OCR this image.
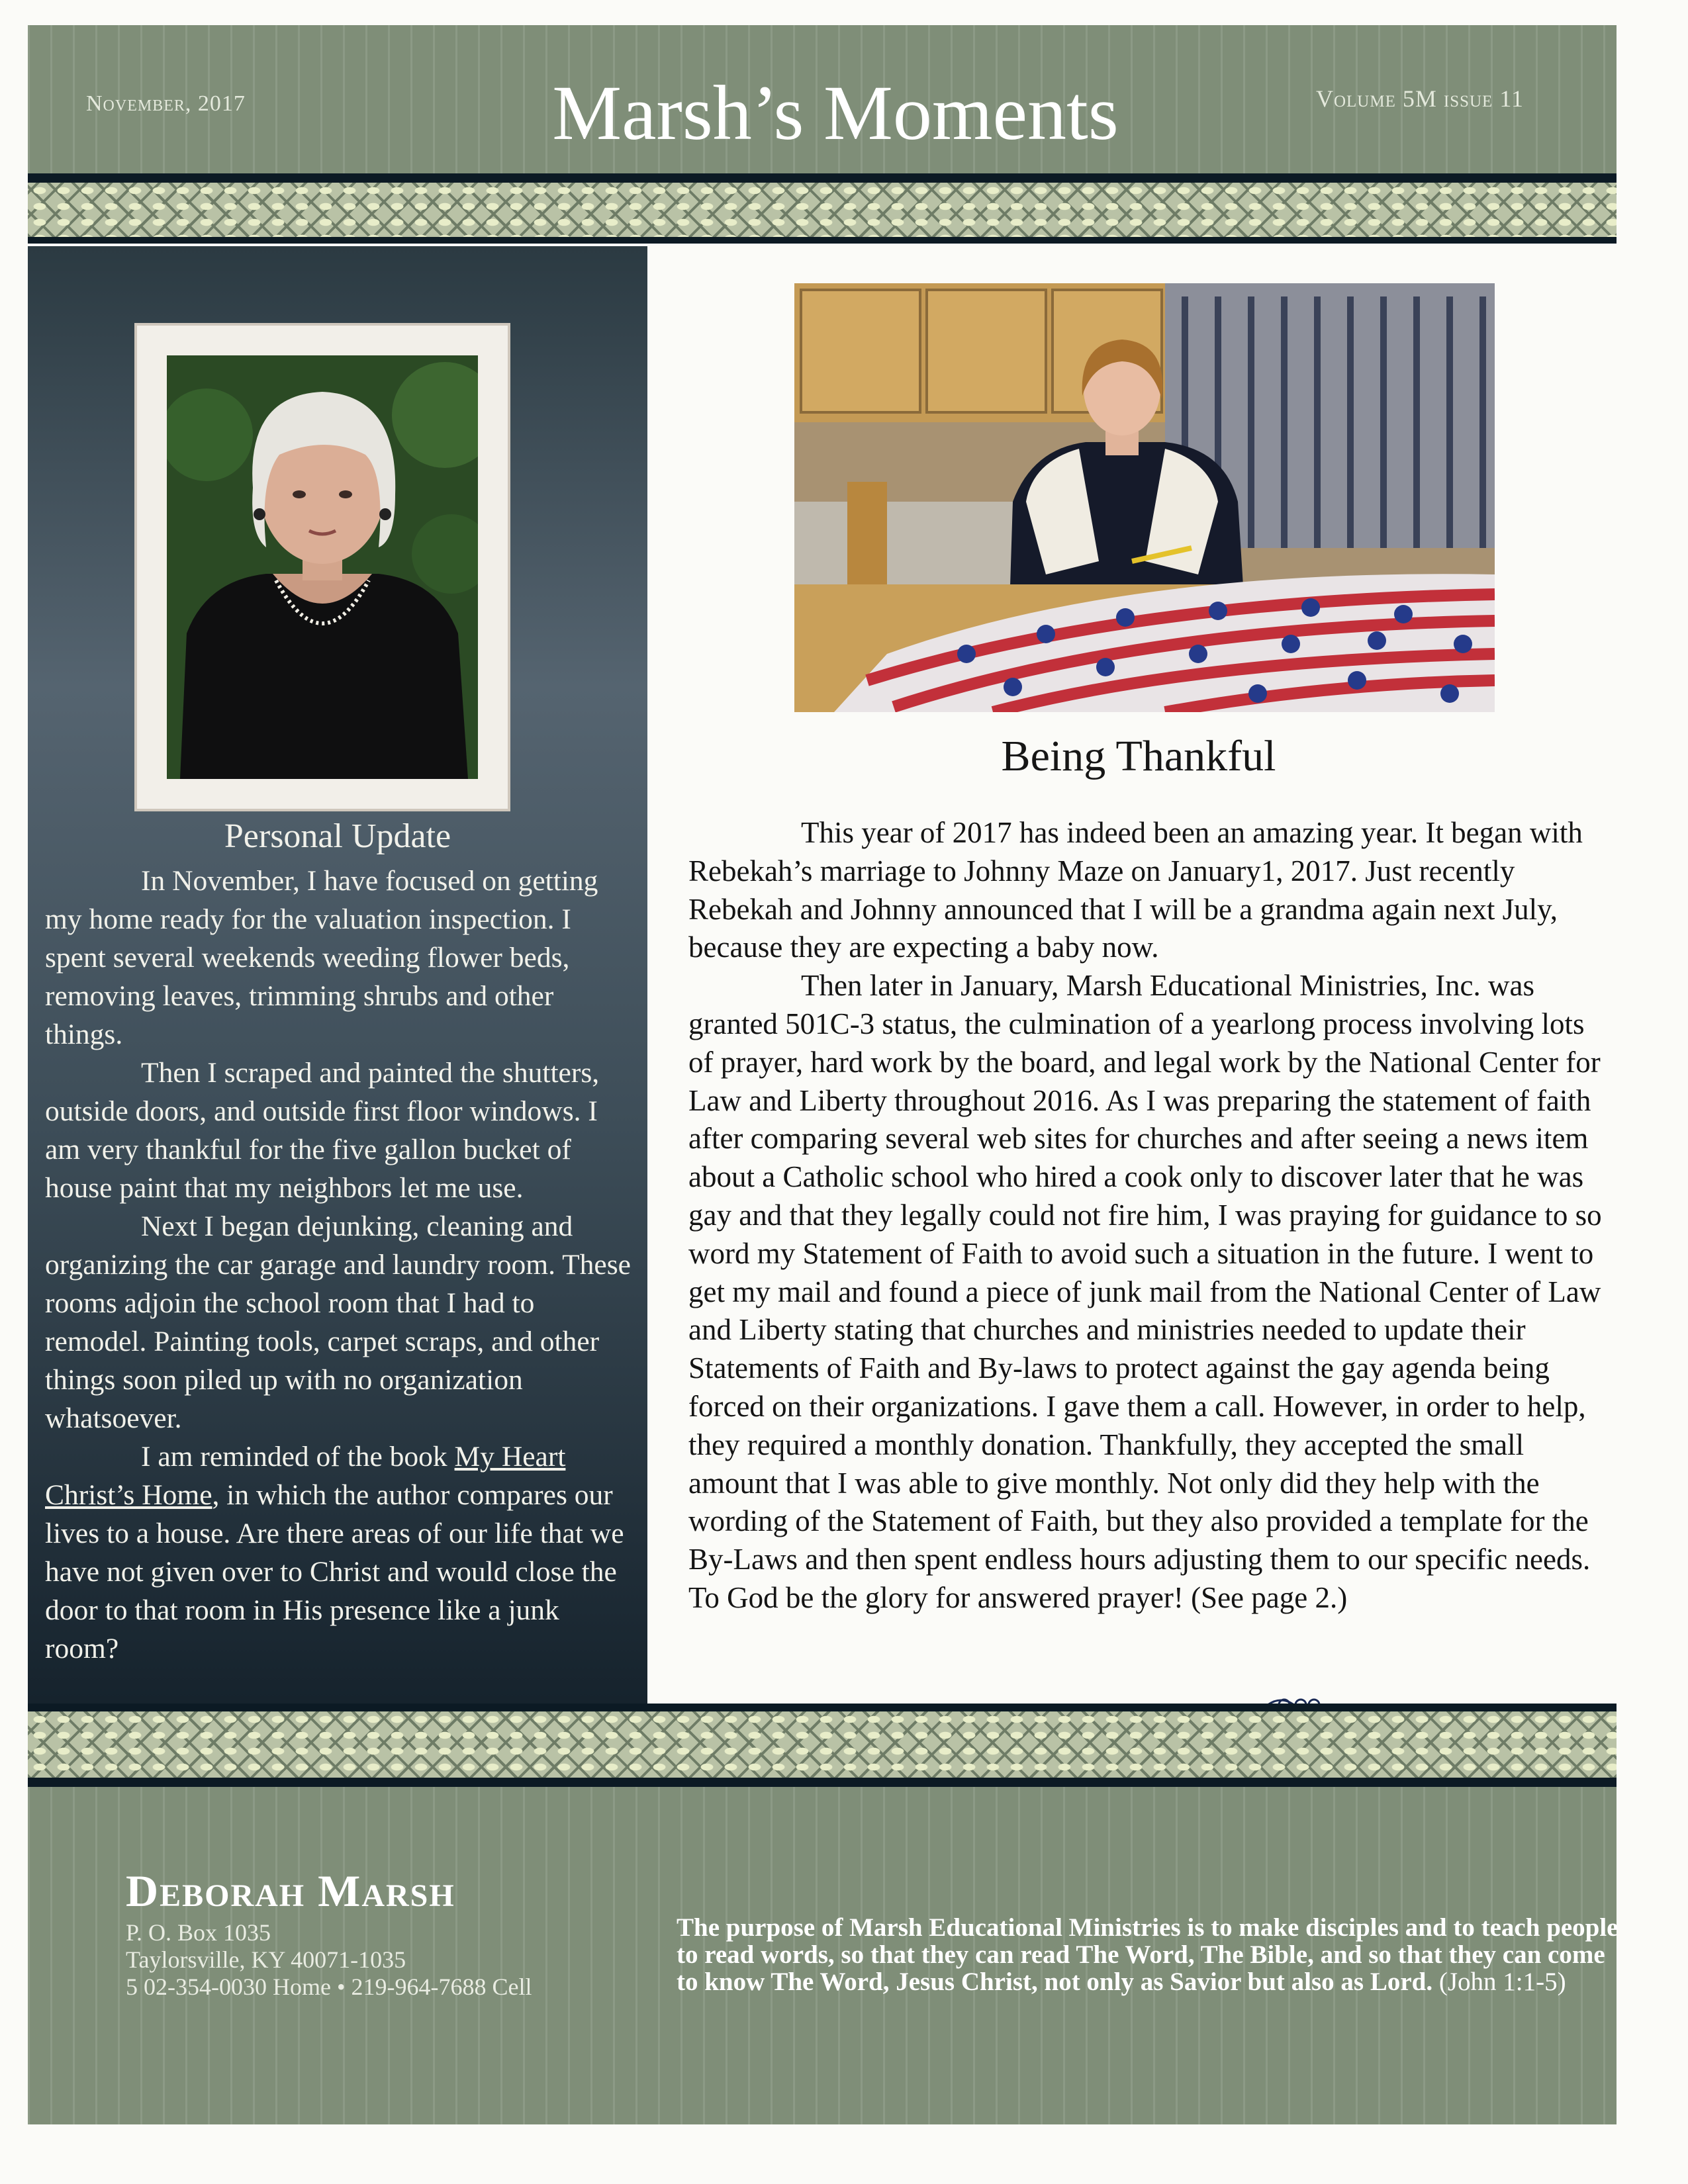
November, 2017	Marsh’s Moments	Volume 5M issue 11
Personal Update

In November, I have focused on getting my home ready for the valuation inspection. I spent several weekends weeding flower beds, removing leaves, trimming shrubs and other things.

Then I scraped and painted the shutters, outside doors, and outside first floor windows. I am very thankful for the five gallon bucket of house paint that my neighbors let me use.

Next I began dejunking, cleaning and organizing the car garage and laundry room. These rooms adjoin the school room that I had to remodel. Painting tools, carpet scraps, and other things soon piled up with no organization whatsoever.

I am reminded of the book My Heart Christ’s Home, in which the author compares our lives to a house. Are there areas of our life that we have not given over to Christ and would close the door to that room in His presence like a junk room?

Being Thankful

This year of 2017 has indeed been an amazing year. It began with Rebekah’s marriage to Johnny Maze on January1, 2017. Just recently Rebekah and Johnny announced that I will be a grandma again next July, because they are expecting a baby now.

Then later in January, Marsh Educational Ministries, Inc. was granted 501C-3 status, the culmination of a yearlong process involving lots of prayer, hard work by the board, and legal work by the National Center for Law and Liberty throughout 2016. As I was preparing the statement of faith after comparing several web sites for churches and after seeing a news item about a Catholic school who hired a cook only to discover later that he was gay and that they legally could not fire him, I was praying for guidance to so word my Statement of Faith to avoid such a situation in the future. I went to get my mail and found a piece of junk mail from the National Center of Law and Liberty stating that churches and ministries needed to update their Statements of Faith and By-laws to protect against the gay agenda being forced on their organizations. I gave them a call. However, in order to help, they required a monthly donation. Thankfully, they accepted the small amount that I was able to give monthly. Not only did they help with the wording of the Statement of Faith, but they also provided a template for the By-Laws and then spent endless hours adjusting them to our specific needs. To God be the glory for answered prayer! (See page 2.)

Deborah Marsh
P. O. Box 1035
Taylorsville, KY 40071-1035
5 02-354-0030 Home • 219-964-7688 Cell
The purpose of Marsh Educational Ministries is to make disciples and to teach people to read words, so that they can read The Word, The Bible, and so that they can come to know The Word, Jesus Christ, not only as Savior but also as Lord. (John 1:1-5)
